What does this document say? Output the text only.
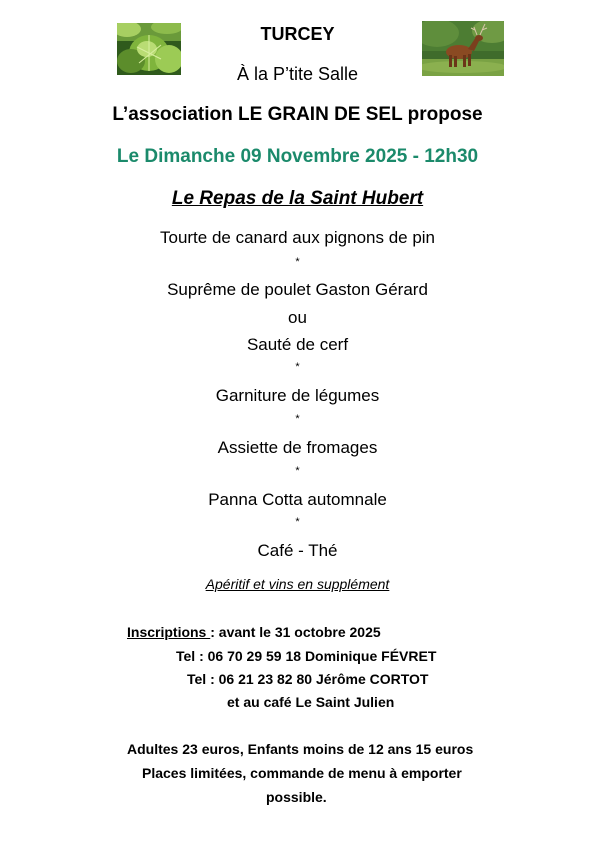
TURCEY
À la P’tite Salle
L’association LE GRAIN DE SEL propose
Le Dimanche 09 Novembre 2025 - 12h30
Le Repas de la Saint Hubert
Tourte de canard aux pignons de pin
*
Suprême de poulet Gaston Gérard
ou
Sauté de cerf
*
Garniture de légumes
*
Assiette de fromages
*
Panna Cotta automnale
*
Café - Thé
Apéritif et vins en supplément
Inscriptions : avant le 31 octobre 2025
Tel : 06 70 29 59 18 Dominique FÉVRET
Tel : 06 21 23 82 80 Jérôme CORTOT
et au café Le Saint Julien
Adultes 23 euros, Enfants moins de 12 ans 15 euros
Places limitées, commande de menu à emporter
possible.
